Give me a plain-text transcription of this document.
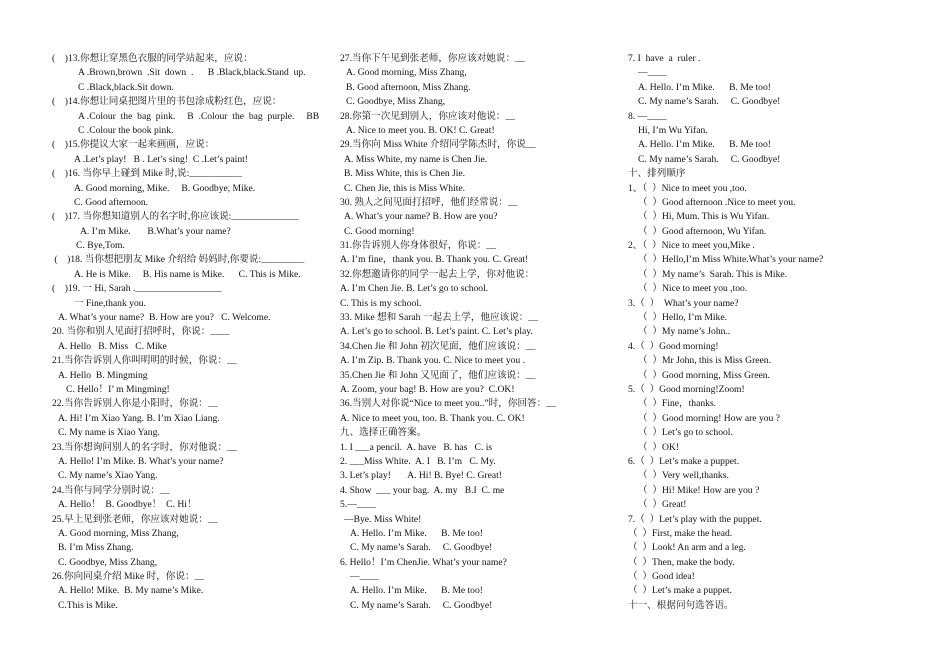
(    )13.你想让穿黑色衣服的同学站起来，应说：
A .Brown,brown  .Sit  down  .      B .Black,black.Stand  up.
C .Black,black.Sit down.
(    )14.你想让同桌把图片里的书包涂成粉红色，应说：
A .Colour  the  bag  pink.     B  .Colour  the  bag  purple.     BB
C .Colour the book pink.
(    )15.你提议大家一起来画画，应说：
A .Let’s play!   B . Let’s sing!  C .Let’s paint!
(    )16. 当你早上碰到 Mike 时,说:___________
A. Good morning, Mike.     B. Goodbye, Mike.
C. Good afternoon.
(    )17. 当你想知道别人的名字时,你应该说:______________
A. I’m Mike.       B.What’s your name?
C. Bye,Tom.
(    )18. 当你想把朋友 Mike 介绍给 妈妈时,你要说:_________
A. He is Mike.     B. His name is Mike.      C. This is Mike.
(    )19. 一 Hi, Sarah .__________________
一 Fine,thank you.
A. What’s your name?  B. How are you?   C. Welcome.
20. 当你和别人见面打招呼时，你说：____
A. Hello   B. Miss   C. Mike
21.当你告诉别人你叫明明的时候，你说：__
A. Hello  B. Mingming
C. Hello！I’ m Mingming!
22.当你告诉别人你是小阳时，你说：__
A. Hi! I’m Xiao Yang. B. I’m Xiao Liang.
C. My name is Xiao Yang.
23.当你想询问别人的名字时，你对他说：__
A. Hello! I’m Mike. B. What’s your name?
C. My name’s Xiao Yang.
24.当你与同学分别时说：__
A. Hello！  B. Goodbye！  C. Hi！
25.早上见到张老师，你应该对她说：__
A. Good morning, Miss Zhang,
B. I’m Miss Zhang.
C. Goodbye, Miss Zhang,
26.你向同桌介绍 Mike 时，你说：__
A. Hello! Mike.  B. My name’s Mike.
C.This is Mike.
27.当你下午见到张老师，你应该对她说：__
A. Good morning, Miss Zhang,
B. Good afternoon, Miss Zhang.
C. Goodbye, Miss Zhang,
28.你第一次见到别人，你应该对他说：__
A. Nice to meet you. B. OK! C. Great!
29.当你向 Miss White 介绍同学陈杰时，你说__
A. Miss White, my name is Chen Jie.
B. Miss White, this is Chen Jie.
C. Chen Jie, this is Miss White.
30. 熟人之间见面打招呼，他们经常说：__
A. What’s your name? B. How are you?
C. Good morning!
31.你告诉别人你身体很好，你说：__
A. I’m fine，thank you. B. Thank you. C. Great!
32.你想邀请你的同学一起去上学，你对他说：
A. I’m Chen Jie. B. Let’s go to school.
C. This is my school.
33. Mike 想和 Sarah 一起去上学，他应该说：__
A. Let’s go to school. B. Let’s paint. C. Let’s play.
34.Chen Jie 和 John 初次见面，他们应该说：__
A. I’m Zip. B. Thank you. C. Nice to meet you .
35.Chen Jie 和 John 又见面了，他们应该说：__
A. Zoom, your bag! B. How are you?  C.OK!
36.当别人对你说“Nice to meet you..”时，你回答：__
A. Nice to meet you, too. B. Thank you. C. OK!
九、选择正确答案。
1. I ___a pencil.  A. have   B. has   C. is
2. ___Miss White.  A. I   B. I’m   C. My.
3. Let’s play!       A. Hi! B. Bye! C. Great!
4. Show  ___ your bag.  A. my   B.I  C. me
5.—____
—Bye. Miss White!
A. Hello. I’m Mike.      B. Me too!
C. My name’s Sarah.     C. Goodbye!
6. Hello！I’m ChenJie. What’s your name?
—____
A. Hello. I’m Mike.      B. Me too!
C. My name’s Sarah.     C. Goodbye!
7. I  have  a  ruler .
—____
A. Hello. I’m Mike.      B. Me too!
C. My name’s Sarah.     C. Goodbye!
8. —____
Hi, I’m Wu Yifan.
A. Hello. I’m Mike.      B. Me too!
C. My name’s Sarah.     C. Goodbye!
十、排列顺序
1、（  ）Nice to meet you ,too.
（  ）Good afternoon .Nice to meet you.
（  ）Hi, Mum. This is Wu Yifan.
（  ）Good afternoon, Wu Yifan.
2、（  ）Nice to meet you,Mike .
（  ）Hello,I’m Miss White.What’s your name?
（  ）My name’s  Sarah. This is Mike.
（  ）Nice to meet you ,too.
3.（  ）  What’s your name?
（  ）Hello, I’m Mike.
（  ）My name’s John..
4.（  ）Good morning!
（  ）Mr John, this is Miss Green.
（  ）Good morning, Miss Green.
5.（  ）Good morning!Zoom!
（  ）Fine，thanks.
（  ）Good morning! How are you ?
（  ）Let’s go to school.
（  ）OK!
6.（  ）Let’s make a puppet.
（  ）Very well,thanks.
（  ）Hi! Mike! How are you ?
（  ）Great!
7.（  ）Let’s play with the puppet.
（  ）First, make the head.
（  ）Look! An arm and a leg.
（  ）Then, make the body.
（  ）Good idea!
（  ）Let’s make a puppet.
十一、根据问句选答语。
